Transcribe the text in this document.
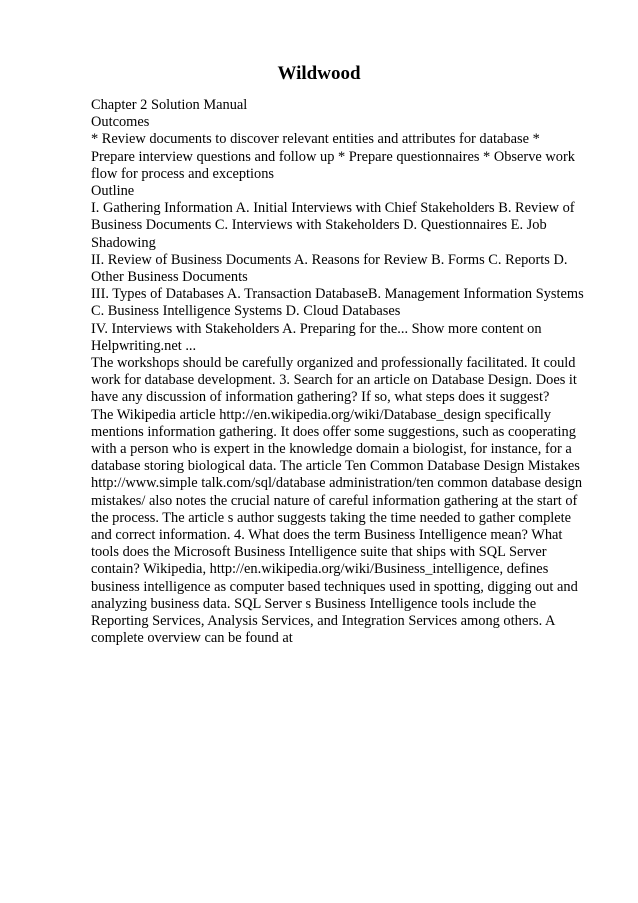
Wildwood
Chapter 2 Solution Manual
Outcomes
* Review documents to discover relevant entities and attributes for database *
Prepare interview questions and follow up * Prepare questionnaires * Observe work
flow for process and exceptions
Outline
I. Gathering Information A. Initial Interviews with Chief Stakeholders B. Review of
Business Documents C. Interviews with Stakeholders D. Questionnaires E. Job
Shadowing
II. Review of Business Documents A. Reasons for Review B. Forms C. Reports D.
Other Business Documents
III. Types of Databases A. Transaction DatabaseB. Management Information Systems
C. Business Intelligence Systems D. Cloud Databases
IV. Interviews with Stakeholders A. Preparing for the... Show more content on
Helpwriting.net ...
The workshops should be carefully organized and professionally facilitated. It could
work for database development. 3. Search for an article on Database Design. Does it
have any discussion of information gathering? If so, what steps does it suggest?
The Wikipedia article http://en.wikipedia.org/wiki/Database_design specifically
mentions information gathering. It does offer some suggestions, such as cooperating
with a person who is expert in the knowledge domain a biologist, for instance, for a
database storing biological data. The article Ten Common Database Design Mistakes
http://www.simple talk.com/sql/database administration/ten common database design
mistakes/ also notes the crucial nature of careful information gathering at the start of
the process. The article s author suggests taking the time needed to gather complete
and correct information. 4. What does the term Business Intelligence mean? What
tools does the Microsoft Business Intelligence suite that ships with SQL Server
contain? Wikipedia, http://en.wikipedia.org/wiki/Business_intelligence, defines
business intelligence as computer based techniques used in spotting, digging out and
analyzing business data. SQL Server s Business Intelligence tools include the
Reporting Services, Analysis Services, and Integration Services among others. A
complete overview can be found at
